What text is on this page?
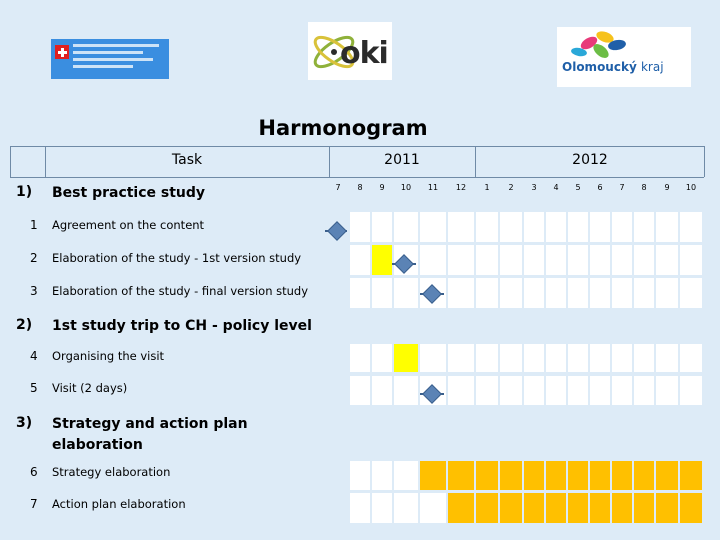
oki	Olomoucký kraj
Harmonogram
Task	2011	2012
7	8	9	10	11	12	1	2	3	4	5	6	7	8	9	10
1) Best practice study
1 Agreement on the content
2 Elaboration of the study - 1st version study
3 Elaboration of the study - final version study
2) 1st study trip to CH - policy level
4 Organising the visit
5 Visit (2 days)
3) Strategy and action plan elaboration
6 Strategy elaboration
7 Action plan elaboration
